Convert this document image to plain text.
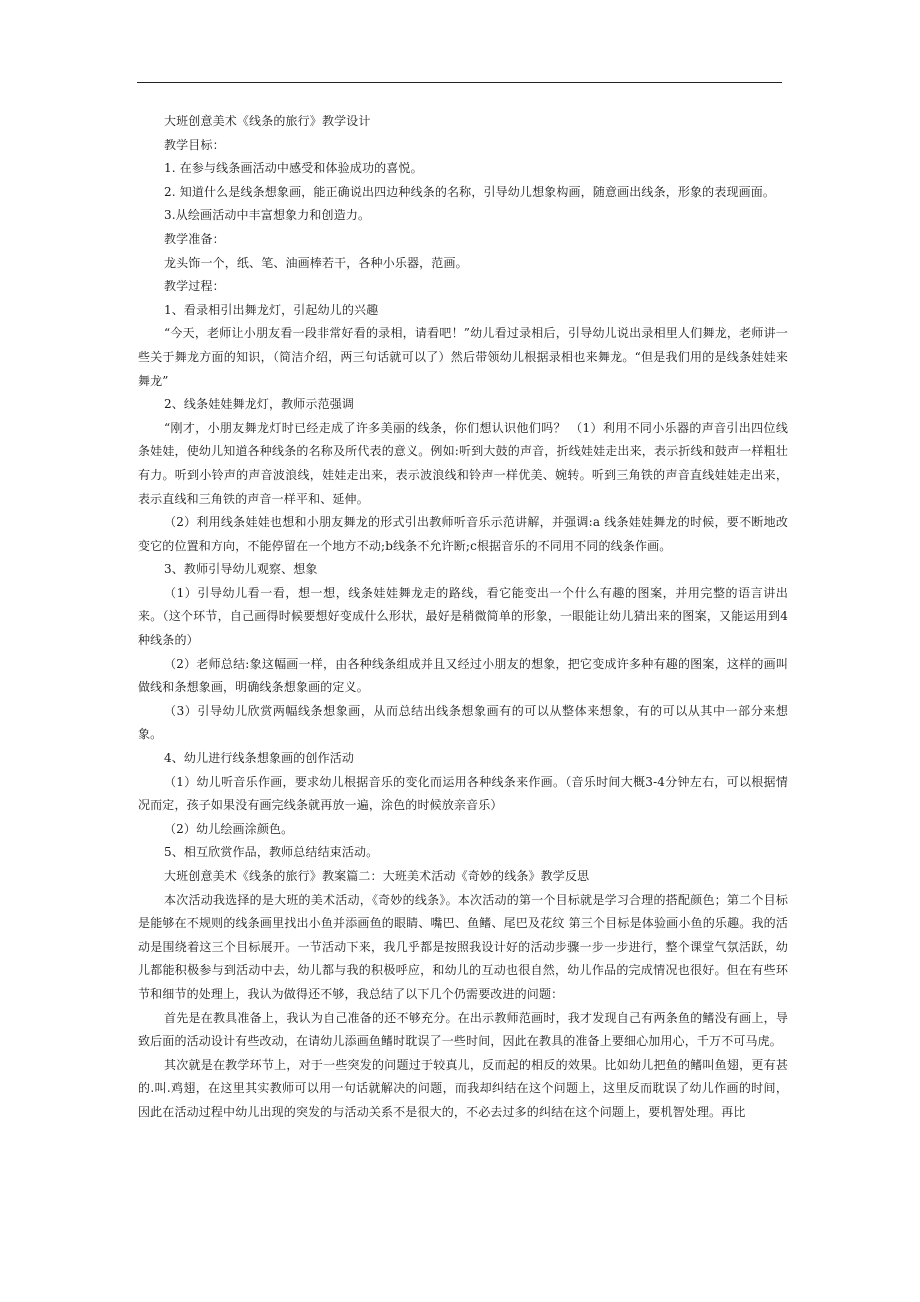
大班创意美术《线条的旅行》教学设计

教学目标：

1. 在参与线条画活动中感受和体验成功的喜悦。

2. 知道什么是线条想象画，能正确说出四边种线条的名称，引导幼儿想象构画，随意画出线条，形象的表现画面。

3.从绘画活动中丰富想象力和创造力。

教学准备：

龙头饰一个，纸、笔、油画棒若干，各种小乐器，范画。

教学过程：

1、看录相引出舞龙灯，引起幼儿的兴趣

“今天，老师让小朋友看一段非常好看的录相，请看吧！”幼儿看过录相后，引导幼儿说出录相里人们舞龙，老师讲一些关于舞龙方面的知识，（简洁介绍，两三句话就可以了）然后带领幼儿根据录相也来舞龙。“但是我们用的是线条娃娃来舞龙”

2、线条娃娃舞龙灯，教师示范强调

“刚才，小朋友舞龙灯时已经走成了许多美丽的线条，你们想认识他们吗？ （1）利用不同小乐器的声音引出四位线条娃娃，使幼儿知道各种线条的名称及所代表的意义。例如:听到大鼓的声音，折线娃娃走出来，表示折线和鼓声一样粗壮有力。听到小铃声的声音波浪线，娃娃走出来，表示波浪线和铃声一样优美、婉转。听到三角铁的声音直线娃娃走出来，表示直线和三角铁的声音一样平和、延伸。

（2）利用线条娃娃也想和小朋友舞龙的形式引出教师听音乐示范讲解，并强调:a 线条娃娃舞龙的时候，要不断地改变它的位置和方向，不能停留在一个地方不动;b线条不允许断;c根据音乐的不同用不同的线条作画。

3、教师引导幼儿观察、想象

（1）引导幼儿看一看，想一想，线条娃娃舞龙走的路线，看它能变出一个什么有趣的图案，并用完整的语言讲出来。（这个环节，自己画得时候要想好变成什么形状，最好是稍微简单的形象，一眼能让幼儿猜出来的图案，又能运用到4种线条的）

（2）老师总结:象这幅画一样，由各种线条组成并且又经过小朋友的想象，把它变成许多种有趣的图案，这样的画叫做线和条想象画，明确线条想象画的定义。

（3）引导幼儿欣赏两幅线条想象画，从而总结出线条想象画有的可以从整体来想象，有的可以从其中一部分来想象。

4、幼儿进行线条想象画的创作活动

（1）幼儿听音乐作画，要求幼儿根据音乐的变化而运用各种线条来作画。（音乐时间大概3-4分钟左右，可以根据情况而定，孩子如果没有画完线条就再放一遍，涂色的时候放亲音乐）

（2）幼儿绘画涂颜色。

5、相互欣赏作品，教师总结结束活动。

大班创意美术《线条的旅行》教案篇二：大班美术活动《奇妙的线条》教学反思

本次活动我选择的是大班的美术活动，《奇妙的线条》。本次活动的第一个目标就是学习合理的搭配颜色；第二个目标是能够在不规则的线条画里找出小鱼并添画鱼的眼睛、嘴巴、鱼鳍、尾巴及花纹 第三个目标是体验画小鱼的乐趣。我的活动是围绕着这三个目标展开。一节活动下来，我几乎都是按照我设计好的活动步骤一步一步进行，整个课堂气氛活跃，幼儿都能积极参与到活动中去，幼儿都与我的积极呼应，和幼儿的互动也很自然，幼儿作品的完成情况也很好。但在有些环节和细节的处理上，我认为做得还不够，我总结了以下几个仍需要改进的问题：

首先是在教具准备上，我认为自己准备的还不够充分。在出示教师范画时，我才发现自己有两条鱼的鳍没有画上，导致后面的活动设计有些改动，在请幼儿添画鱼鳍时耽误了一些时间，因此在教具的准备上要细心加用心，千万不可马虎。

其次就是在教学环节上，对于一些突发的问题过于较真儿，反而起的相反的效果。比如幼儿把鱼的鳍叫鱼翅，更有甚的.叫.鸡翅，在这里其实教师可以用一句话就解决的问题，而我却纠结在这个问题上，这里反而耽误了幼儿作画的时间，因此在活动过程中幼儿出现的突发的与活动关系不是很大的，不必去过多的纠结在这个问题上，要机智处理。再比
